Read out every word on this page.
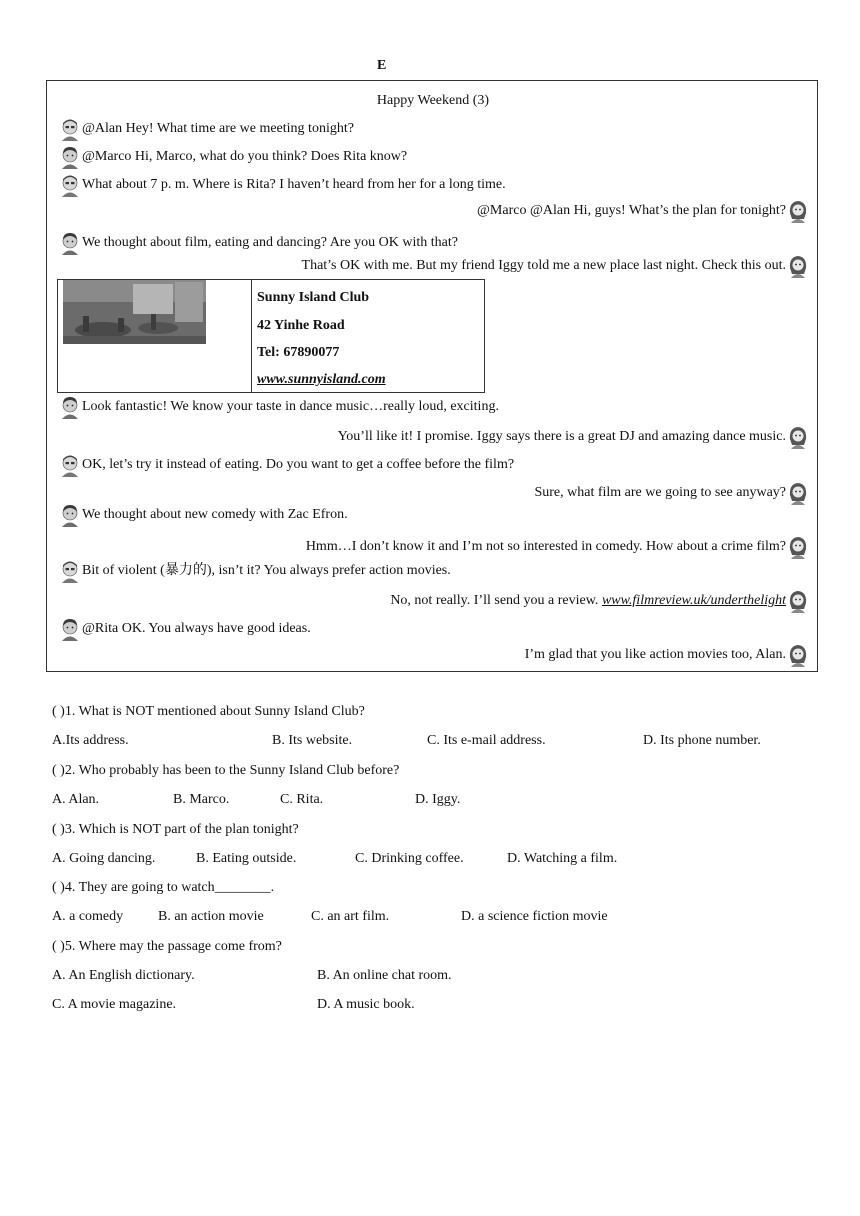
E
Happy Weekend (3)
@Alan Hey! What time are we meeting tonight?
@Marco Hi, Marco, what do you think? Does Rita know?
What about 7 p. m. Where is Rita? I haven’t heard from her for a long time.
@Marco @Alan Hi, guys! What’s the plan for tonight?
We thought about film, eating and dancing? Are you OK with that?
That’s OK with me. But my friend Iggy told me a new place last night. Check this out.
Look fantastic! We know your taste in dance music…really loud, exciting.
You’ll like it! I promise. Iggy says there is a great DJ and amazing dance music.
OK, let’s try it instead of eating. Do you want to get a coffee before the film?
Sure, what film are we going to see anyway?
We thought about new comedy with Zac Efron.
Hmm…I don’t know it and I’m not so interested in comedy. How about a crime film?
Bit of violent (暴力的), isn’t it? You always prefer action movies.
No, not really. I’ll send you a review. www.filmreview.uk/underthelight
@Rita OK. You always have good ideas.
I’m glad that you like action movies too, Alan.
Sunny Island Club
42 Yinhe Road
Tel: 67890077
www.sunnyisland.com
( )1. What is NOT mentioned about Sunny Island Club?
A.Its address.	B. Its website.	C. Its e-mail address.	D. Its phone number.
( )2. Who probably has been to the Sunny Island Club before?
A. Alan.	B. Marco.	C. Rita.	D. Iggy.
( )3. Which is NOT part of the plan tonight?
A. Going dancing.	B. Eating outside.	C. Drinking coffee.	D. Watching a film.
( )4. They are going to watch________.
A. a comedy B. an action movie	C. an art film.	D. a science fiction movie
( )5. Where may the passage come from?
A. An English dictionary.	B. An online chat room.
C. A movie magazine.	D. A music book.
